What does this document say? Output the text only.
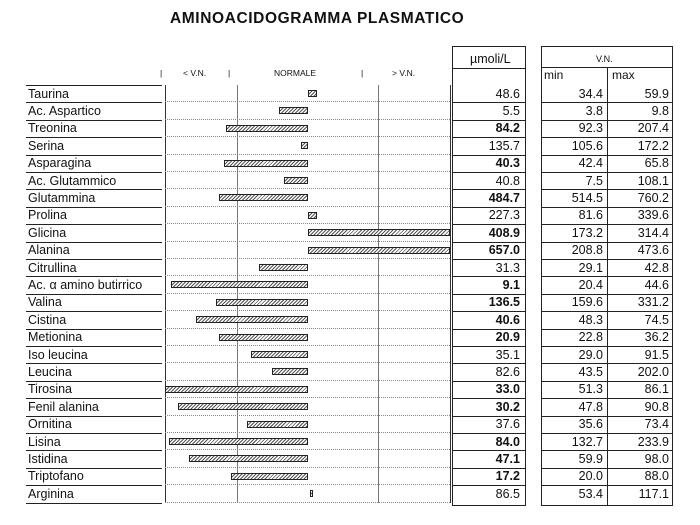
AMINOACIDOGRAMMA PLASMATICO
| < V.N.	|	NORMALE	|	> V.N.
µmoli/L	V.N.
min	max
Taurina	48.6	34.4	59.9
Ac. Aspartico	5.5	3.8	9.8
Treonina	84.2	92.3	207.4
Serina	135.7	105.6	172.2
Asparagina	40.3	42.4	65.8
Ac. Glutammico	40.8	7.5	108.1
Glutammina	484.7	514.5	760.2
Prolina	227.3	81.6	339.6
Glicina	408.9	173.2	314.4
Alanina	657.0	208.8	473.6
Citrullina	31.3	29.1	42.8
Ac. α amino butirrico	9.1	20.4	44.6
Valina	136.5	159.6	331.2
Cistina	40.6	48.3	74.5
Metionina	20.9	22.8	36.2
Iso leucina	35.1	29.0	91.5
Leucina	82.6	43.5	202.0
Tirosina	33.0	51.3	86.1
Fenil alanina	30.2	47.8	90.8
Ornitina	37.6	35.6	73.4
Lisina	84.0	132.7	233.9
Istidina	47.1	59.9	98.0
Triptofano	17.2	20.0	88.0
Arginina	86.5	53.4	117.1
